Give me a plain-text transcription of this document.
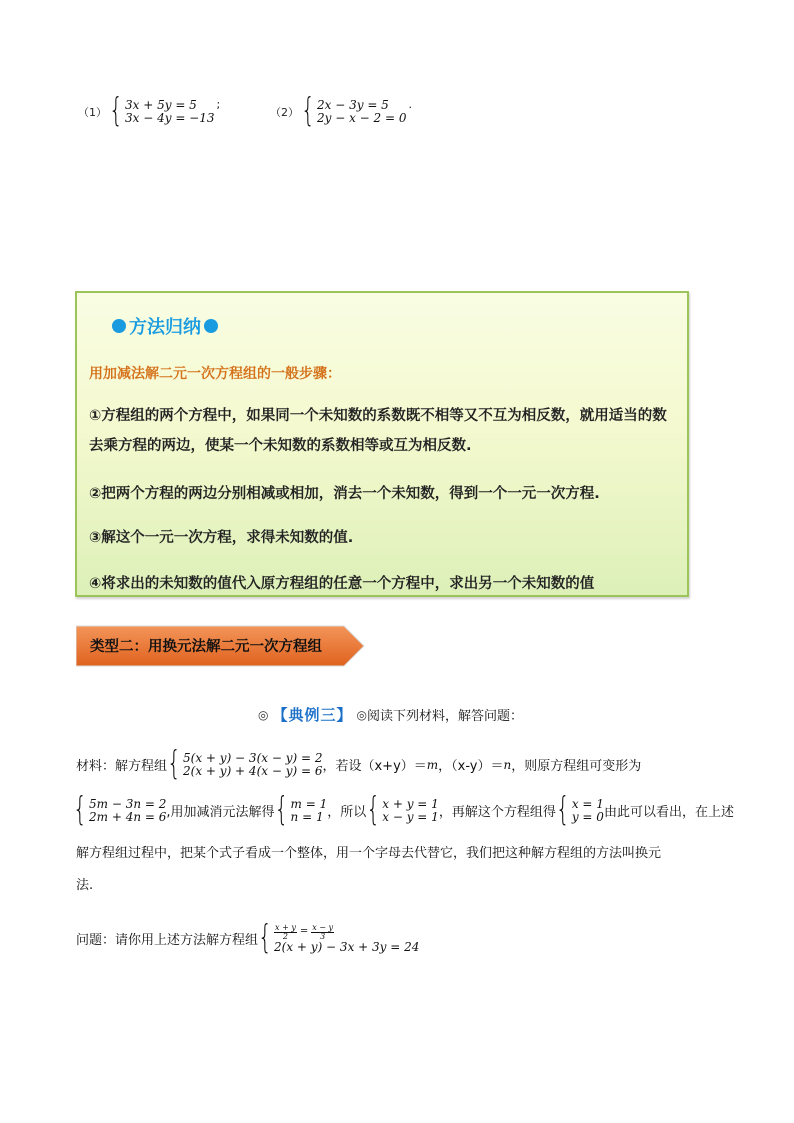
（1） { 3x + 5y = 5
3x − 4y = −13
;
（2） { 2x − 3y = 5
2y − x − 2 = 0
.
方法归纳
用加减法解二元一次方程组的一般步骤：
①方程组的两个方程中，如果同一个未知数的系数既不相等又不互为相反数，就用适当的数去乘方程的两边，使某一个未知数的系数相等或互为相反数.
②把两个方程的两边分别相减或相加，消去一个未知数，得到一个一元一次方程.
③解这个一元一次方程，求得未知数的值.
④将求出的未知数的值代入原方程组的任意一个方程中，求出另一个未知数的值
类型二：用换元法解二元一次方程组
◎ 【典例三】 ◎ 阅读下列材料，解答问题：
材料：解方程组 { 5(x + y) − 3(x − y) = 2
2(x + y) + 4(x − y) = 6 ，若设（x+y）＝ m ，（x-y）＝ n ，则原方程组可变形为
{ 5m − 3n = 2
2m + 4n = 6 ,用加减消元法解得 { m = 1
n = 1 ，所以 { x + y = 1
x − y = 1 ，再解这个方程组得 { x = 1
y = 0 由此可以看出，在上述
解方程组过程中，把某个式子看成一个整体，用一个字母去代替它，我们把这种解方程组的方法叫换元
法.
问题：请你用上述方法解方程组 { $\frac{x + y}{2} = \frac{x - y}{3}$
2(x + y) − 3x + 3y = 24
